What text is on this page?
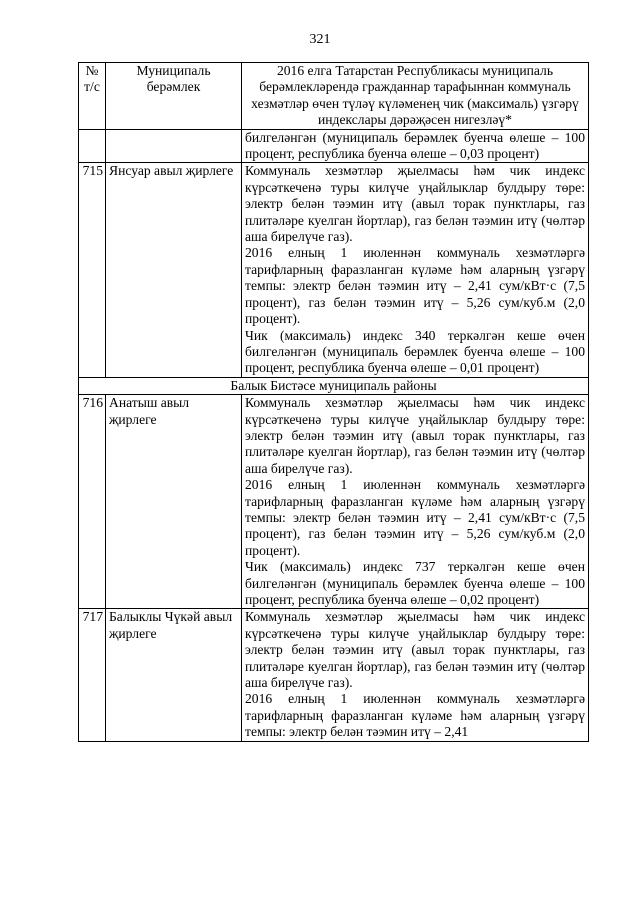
321
№ т/с	Муниципаль берәмлек	2016 елга Татарстан Республикасы муниципаль берәмлекләрендә гражданнар тарафыннан коммуналь хезмәтләр өчен түләү күләменең чик (максималь) үзгәрү индекслары дәрәҗәсен нигезләү*
		билгеләнгән (муниципаль берәмлек буенча өлеше – 100 процент, республика буенча өлеше – 0,03 процент)
715	Янсуар авыл җирлеге	Коммуналь хезмәтләр җыелмасы һәм чик индекс күрсәткеченә туры килүче уңайлыклар булдыру төре: электр белән тәэмин итү (авыл торак пунктлары, газ плитәләре куелган йортлар), газ белән тәэмин итү (чөлтәр аша бирелүче газ).

2016 елның 1 июленнән коммуналь хезмәтләргә тарифларның фаразланган күләме һәм аларның үзгәрү темпы: электр белән тәэмин итү – 2,41 сум/кВт·с (7,5 процент), газ белән тәэмин итү – 5,26 сум/куб.м (2,0 процент).

Чик (максималь) индекс 340 теркәлгән кеше өчен билгеләнгән (муниципаль берәмлек буенча өлеше – 100 процент, республика буенча өлеше – 0,01 процент)

Балык Бистәсе муниципаль районы		
716	Анатыш авыл җирлеге	Коммуналь хезмәтләр җыелмасы һәм чик индекс күрсәткеченә туры килүче уңайлыклар булдыру төре: электр белән тәэмин итү (авыл торак пунктлары, газ плитәләре куелган йортлар), газ белән тәэмин итү (чөлтәр аша бирелүче газ).

2016 елның 1 июленнән коммуналь хезмәтләргә тарифларның фаразланган күләме һәм аларның үзгәрү темпы: электр белән тәэмин итү – 2,41 сум/кВт·с (7,5 процент), газ белән тәэмин итү – 5,26 сум/куб.м (2,0 процент).

Чик (максималь) индекс 737 теркәлгән кеше өчен билгеләнгән (муниципаль берәмлек буенча өлеше – 100 процент, республика буенча өлеше – 0,02 процент)

717	Балыклы Чүкәй авыл җирлеге	Коммуналь хезмәтләр җыелмасы һәм чик индекс күрсәткеченә туры килүче уңайлыклар булдыру төре: электр белән тәэмин итү (авыл торак пунктлары, газ плитәләре куелган йортлар), газ белән тәэмин итү (чөлтәр аша бирелүче газ).

2016 елның 1 июленнән коммуналь хезмәтләргә тарифларның фаразланган күләме һәм аларның үзгәрү темпы: электр белән тәэмин итү – 2,41
